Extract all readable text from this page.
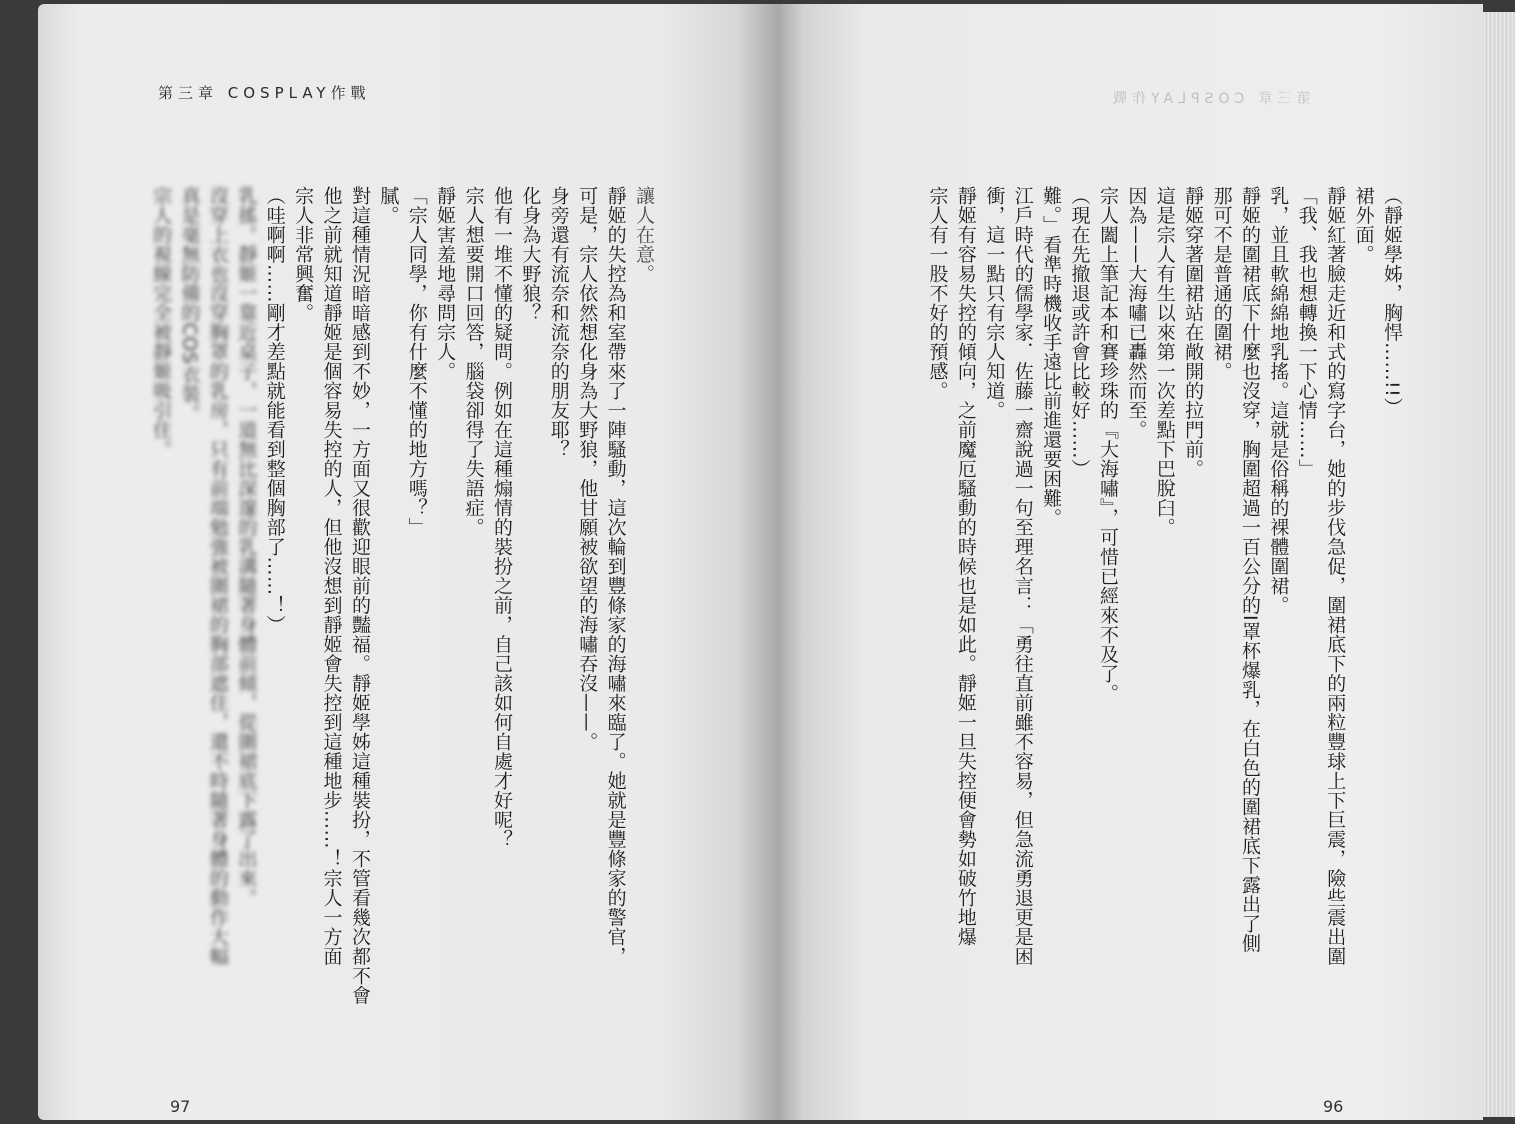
第三章 COSPLAY作戰

讓人在意。

靜姬的失控為和室帶來了一陣騷動，這次輪到豐條家的海嘯來臨了。她就是豐條家的警官，

可是，宗人依然想化身為大野狼，他甘願被欲望的海嘯吞沒——。

身旁還有流奈和流奈的朋友耶？

化身為大野狼？

他有一堆不懂的疑問。例如在這種煽情的裝扮之前，自己該如何自處才好呢？

宗人想要開口回答，腦袋卻得了失語症。

靜姬害羞地尋問宗人。

「宗人同學，你有什麼不懂的地方嗎？」

膩。

對這種情況暗暗感到不妙，一方面又很歡迎眼前的豔福。靜姬學姊這種裝扮，不管看幾次都不會

他之前就知道靜姬是個容易失控的人，但他沒想到靜姬會失控到這種地步……！宗人一方面

宗人非常興奮。

（哇啊啊……剛才差點就能看到整個胸部了……！）

乳搖。靜姬一靠近桌子，一道無比深邃的乳溝隨著身體前傾，從圍裙底下露了出來。

沒穿上衣也沒穿胸罩的乳房，只有前端勉強被圍裙的胸部遮住，還不時隨著身體的動作大幅

真是毫無防備的COS衣裝。

宗人的視線完全被靜姬吸引住。

97
第三章 COSPLAY作戰

（靜姬學姊，胸悍……!!）

裙外面。

靜姬紅著臉走近和式的寫字台，她的步伐急促，圍裙底下的兩粒豐球上下巨震，險些震出圍

「我、我也想轉換一下心情……」

乳，並且軟綿綿地乳搖。這就是俗稱的裸體圍裙。

靜姬的圍裙底下什麼也沒穿，胸圍超過一百公分的I罩杯爆乳，在白色的圍裙底下露出了側

那可不是普通的圍裙。

靜姬穿著圍裙站在敞開的拉門前。

這是宗人有生以來第一次差點下巴脫臼。

因為——大海嘯已轟然而至。

宗人闔上筆記本和賽珍珠的『大海嘯』，可惜已經來不及了。

（現在先撤退或許會比較好……）

難。」看準時機收手遠比前進還要困難。

江戶時代的儒學家．佐藤一齋說過一句至理名言：「勇往直前雖不容易，但急流勇退更是困

衝，這一點只有宗人知道。

靜姬有容易失控的傾向，之前魔厄騷動的時候也是如此。靜姬一旦失控便會勢如破竹地爆

宗人有一股不好的預感。

96
